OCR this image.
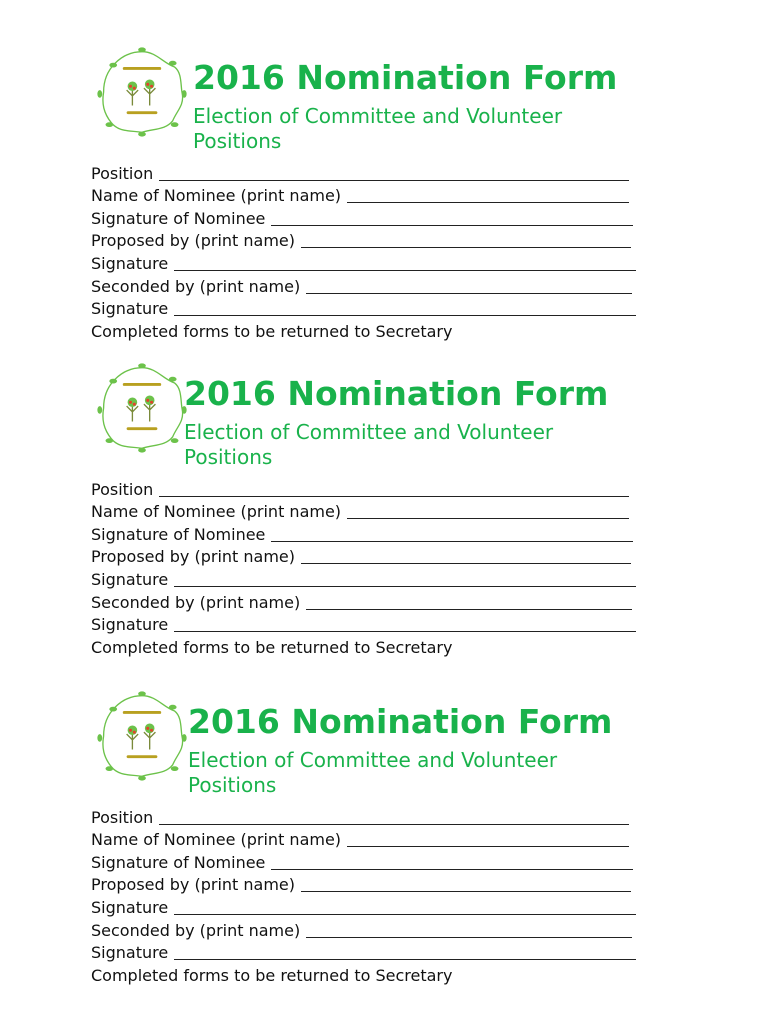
2016 Nomination Form
Election of Committee and Volunteer Positions
Position
Name of Nominee (print name)
Signature of Nominee
Proposed by (print name)
Signature
Seconded by (print name)
Signature
Completed forms to be returned to Secretary
2016 Nomination Form
Election of Committee and Volunteer Positions
Position
Name of Nominee (print name)
Signature of Nominee
Proposed by (print name)
Signature
Seconded by (print name)
Signature
Completed forms to be returned to Secretary
2016 Nomination Form
Election of Committee and Volunteer Positions
Position
Name of Nominee (print name)
Signature of Nominee
Proposed by (print name)
Signature
Seconded by (print name)
Signature
Completed forms to be returned to Secretary
